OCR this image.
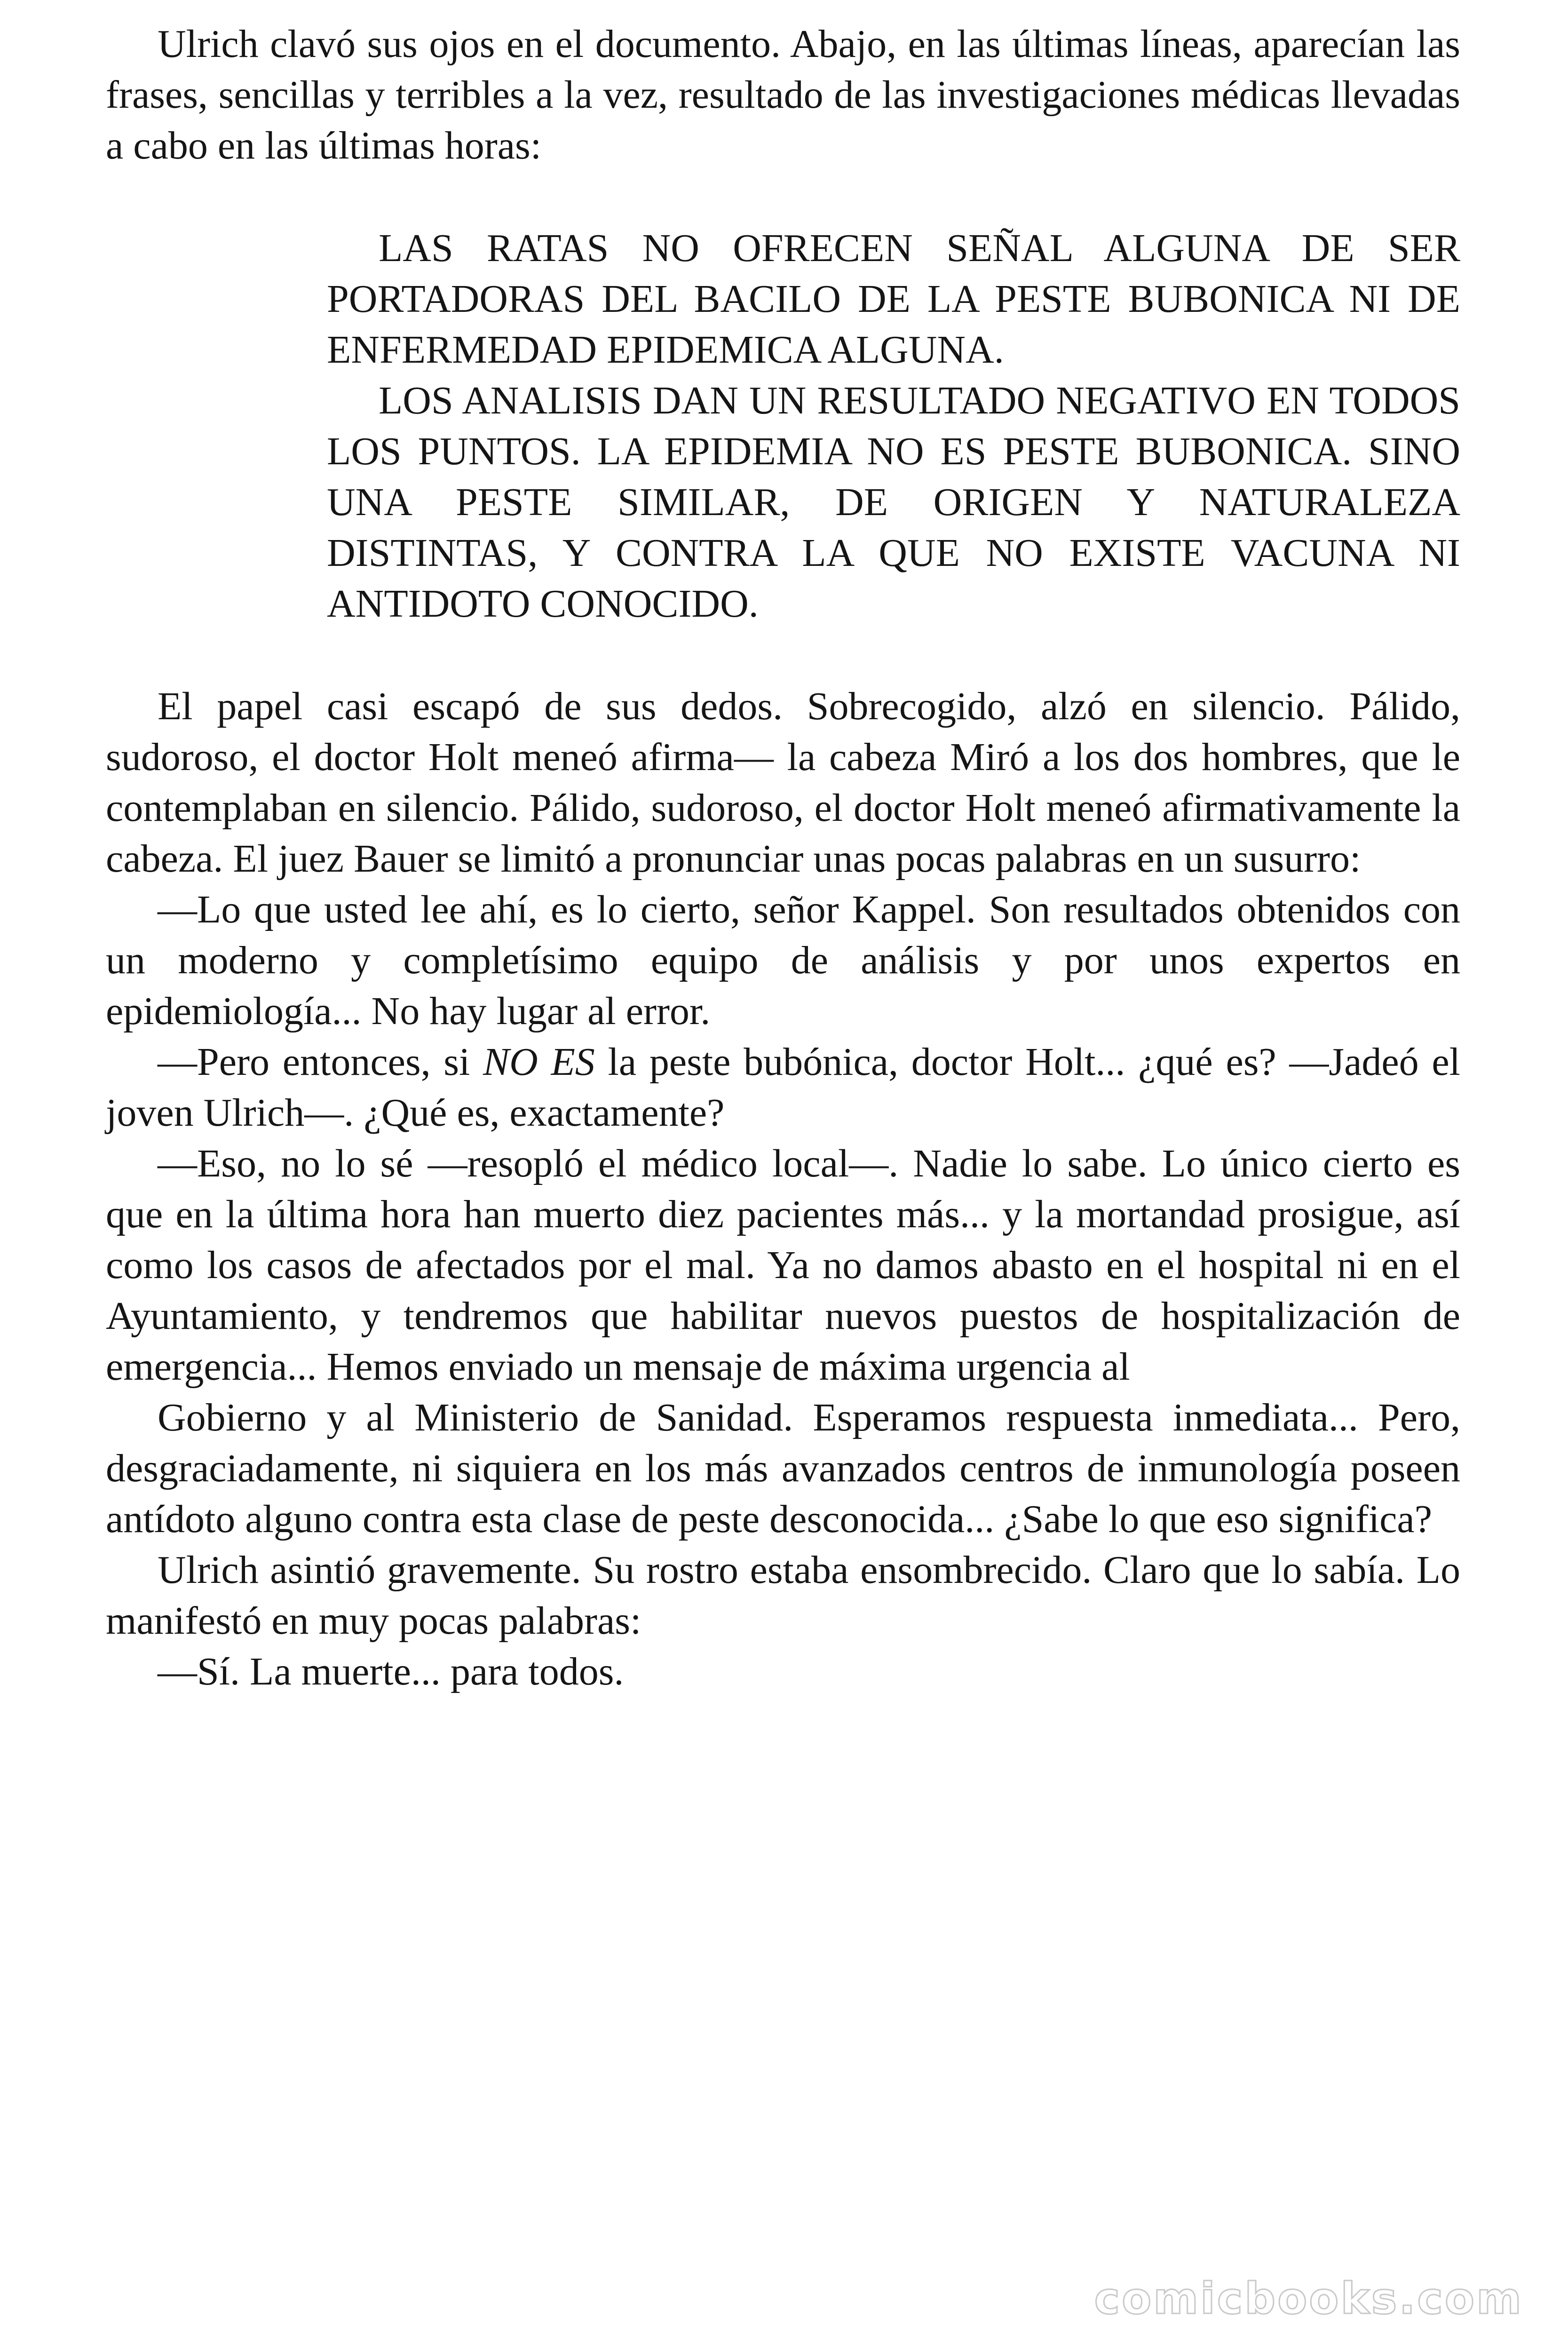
Ulrich clavó sus ojos en el documento. Abajo, en las últimas líneas, aparecían las frases, sencillas y terribles a la vez, resultado de las investigaciones médicas llevadas a cabo en las últimas horas:

LAS RATAS NO OFRECEN SEÑAL ALGUNA DE SER PORTADORAS DEL BACILO DE LA PESTE BUBONICA NI DE ENFERMEDAD EPIDEMICA ALGUNA.

LOS ANALISIS DAN UN RESULTADO NEGATIVO EN TODOS LOS PUNTOS. LA EPIDEMIA NO ES PESTE BUBONICA. SINO UNA PESTE SIMILAR, DE ORIGEN Y NATURALEZA DISTINTAS, Y CONTRA LA QUE NO EXISTE VACUNA NI ANTIDOTO CONOCIDO.

El papel casi escapó de sus dedos. Sobrecogido, alzó en silencio. Pálido, sudoroso, el doctor Holt meneó afirma— la cabeza Miró a los dos hombres, que le contemplaban en silencio. Pálido, sudoroso, el doctor Holt meneó afirmativamente la cabeza. El juez Bauer se limitó a pronunciar unas pocas palabras en un susurro:

—Lo que usted lee ahí, es lo cierto, señor Kappel. Son resultados obtenidos con un moderno y completísimo equipo de análisis y por unos expertos en epidemiología... No hay lugar al error.

—Pero entonces, si NO ES la peste bubónica, doctor Holt... ¿qué es? —Jadeó el joven Ulrich—. ¿Qué es, exactamente?

—Eso, no lo sé —resopló el médico local—. Nadie lo sabe. Lo único cierto es que en la última hora han muerto diez pacientes más... y la mortandad prosigue, así como los casos de afectados por el mal. Ya no damos abasto en el hospital ni en el Ayuntamiento, y tendremos que habilitar nuevos puestos de hospitalización de emergencia... Hemos enviado un mensaje de máxima urgencia al

Gobierno y al Ministerio de Sanidad. Esperamos respuesta inmediata... Pero, desgraciadamente, ni siquiera en los más avanzados centros de inmunología poseen antídoto alguno contra esta clase de peste desconocida... ¿Sabe lo que eso significa?

Ulrich asintió gravemente. Su rostro estaba ensombrecido. Claro que lo sabía. Lo manifestó en muy pocas palabras:

—Sí. La muerte... para todos.

comicbooks.com
